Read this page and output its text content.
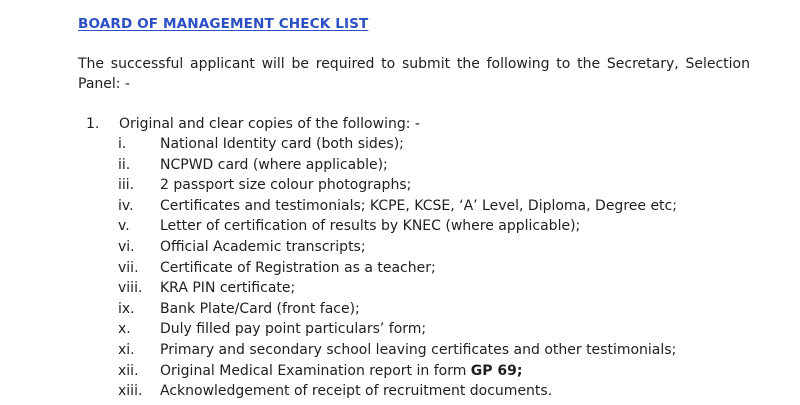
BOARD OF MANAGEMENT CHECK LIST

The successful applicant will be required to submit the following to the Secretary, Selection Panel: -

1.	Original and clear copies of the following: -
i.	National Identity card (both sides);
ii.	NCPWD card (where applicable);
iii.	2 passport size colour photographs;
iv.	Certificates and testimonials; KCPE, KCSE, ‘A’ Level, Diploma, Degree etc;
v.	Letter of certification of results by KNEC (where applicable);
vi.	Official Academic transcripts;
vii.	Certificate of Registration as a teacher;
viii.	KRA PIN certificate;
ix.	Bank Plate/Card (front face);
x.	Duly filled pay point particulars’ form;
xi.	Primary and secondary school leaving certificates and other testimonials;
xii.	Original Medical Examination report in form GP 69;
xiii.	Acknowledgement of receipt of recruitment documents.
